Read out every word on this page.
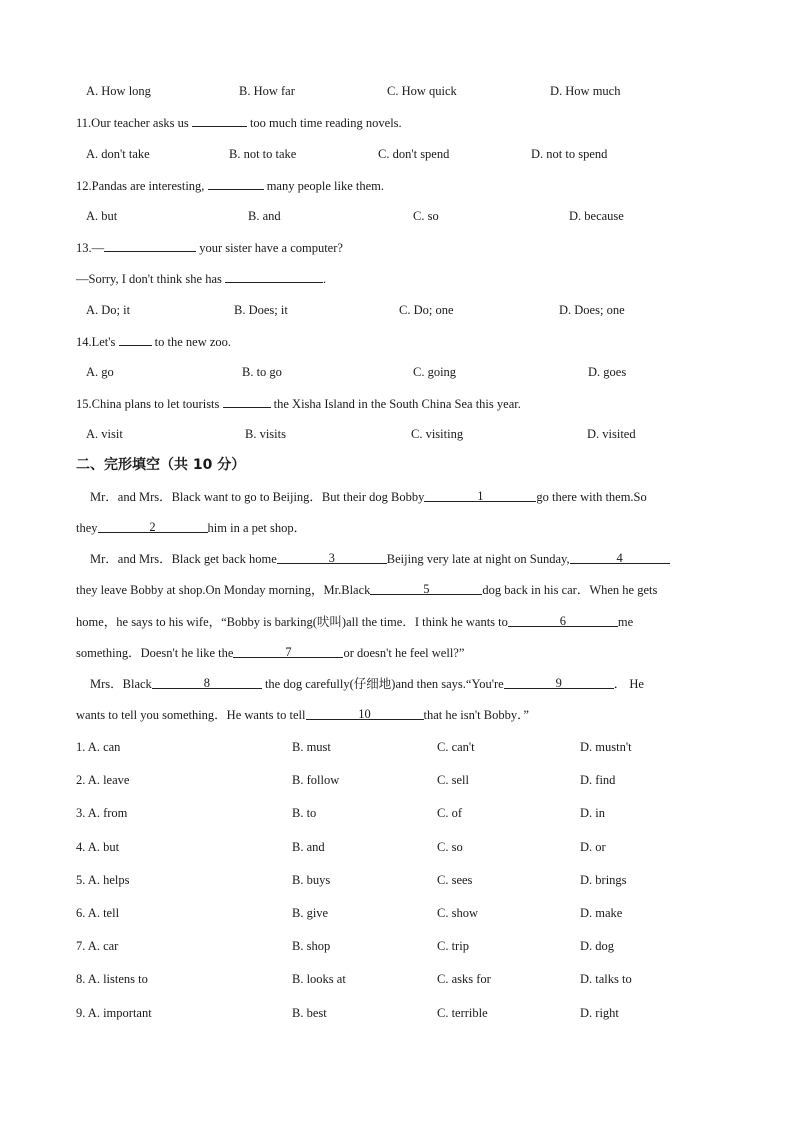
A. How long	B. How far	C. How quick	D. How much
11.Our teacher asks us	too much time reading novels.
A. don't take	B. not to take	C. don't spend	D. not to spend
12.Pandas are interesting,	many people like them.
A. but	B. and	C. so	D. because
13.—	your sister have a computer?
—Sorry, I don't think she has	.
A. Do; it	B. Does; it	C. Do; one	D. Does; one
14.Let's	to the new zoo.
A. go	B. to go	C. going	D. goes
15.China plans to let tourists	the Xisha Island in the South China Sea this year.
A. visit	B. visits	C. visiting	D. visited
二、完形填空（共 10 分）
Mr．and Mrs．Black want to go to Beijing．But their dog Bobby	1	go there with them.So
they	2	him in a pet shop．
Mr．and Mrs．Black get back home	3	Beijing very late at night on Sunday,	4
they leave Bobby at shop.On Monday morning，Mr.Black	5	dog back in his car．When he gets
home，he says to his wife，“Bobby is barking(吠叫)all the time．I think he wants to	6	me
something．Doesn't he like the	7	or doesn't he feel well?”
Mrs．Black	8	the dog carefully(仔细地)and then says.“You're	9	． He
wants to tell you something．He wants to tell	10	that he isn't Bobby．”
1. A. can	B. must	C. can't	D. mustn't
2. A. leave	B. follow	C. sell	D. find
3. A. from	B. to	C. of	D. in
4. A. but	B. and	C. so	D. or
5. A. helps	B. buys	C. sees	D. brings
6. A. tell	B. give	C. show	D. make
7. A. car	B. shop	C. trip	D. dog
8. A. listens to	B. looks at	C. asks for	D. talks to
9. A. important	B. best	C. terrible	D. right
